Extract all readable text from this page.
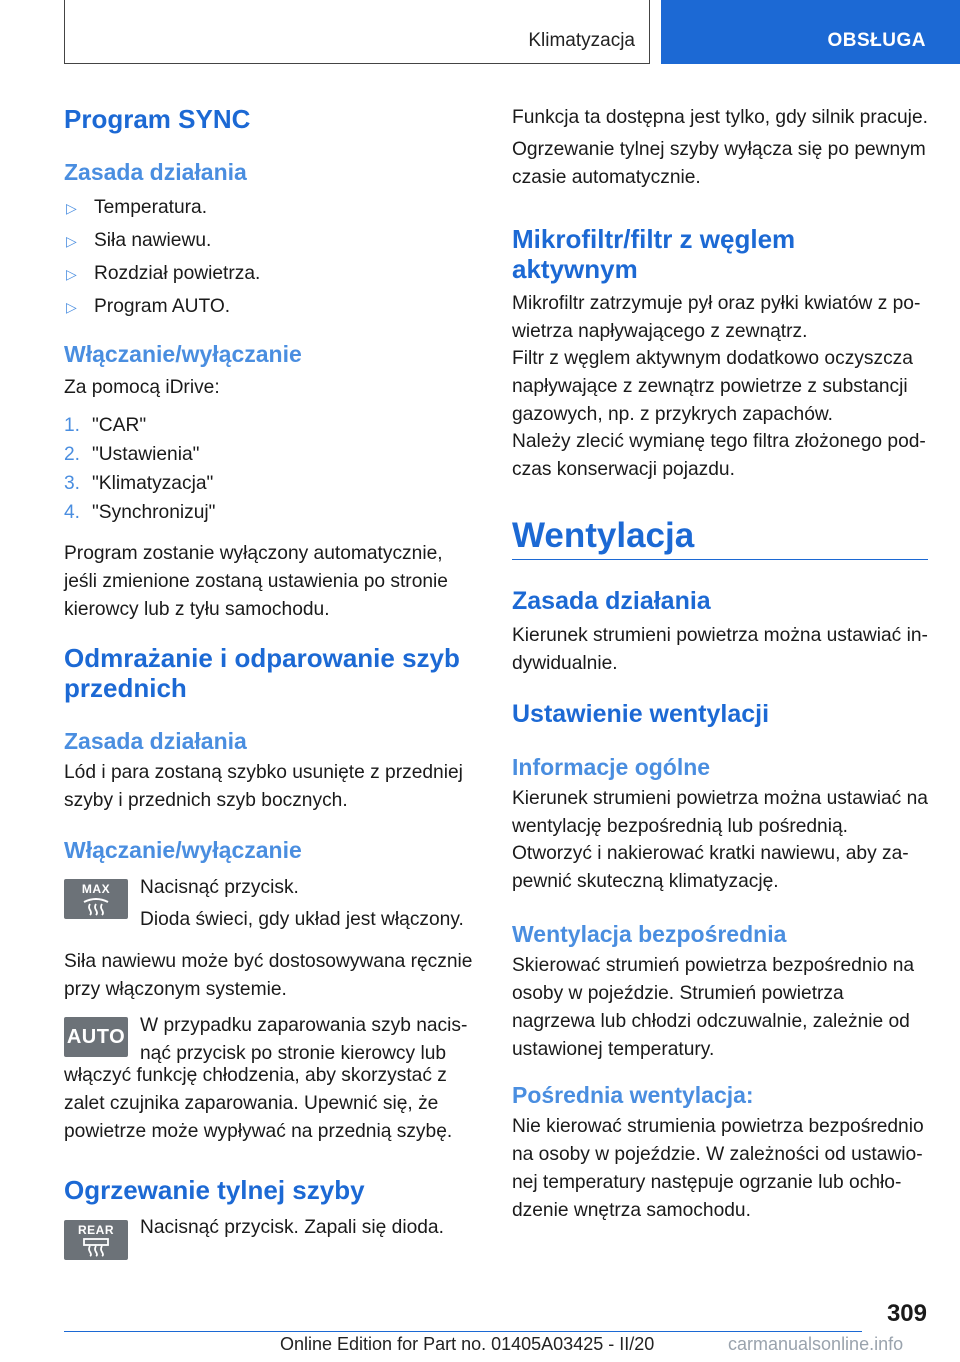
Klimatyzacja	OBSŁUGA
Program SYNC
Zasada działania
▷ Temperatura.
▷ Siła nawiewu.
▷ Rozdział powietrza.
▷ Program AUTO.
Włączanie/wyłączanie

Za pomocą iDrive:

1. "CAR"
2. "Ustawienia"
3. "Klimatyzacja"
4. "Synchronizuj"

Program zostanie wyłączony automatycznie, jeśli zmienione zostaną ustawienia po stronie kierowcy lub z tyłu samochodu.

Odmrażanie i odparowanie szyb przednich
Zasada działania

Lód i para zostaną szybko usunięte z przedniej szyby i przednich szyb bocznych.

Włączanie/wyłączanie
MAX	Nacisnąć przycisk.

Dioda świeci, gdy układ jest włączony.

Siła nawiewu może być dostosowywana ręcznie przy włączonym systemie.

AUTO

W przypadku zaparowania szyb nacisnąć przycisk po stronie kierowcy lub

włączyć funkcję chłodzenia, aby skorzystać z zalet czujnika zaparowania. Upewnić się, że powietrze może wypływać na przednią szybę.

Ogrzewanie tylnej szyby
REAR	Nacisnąć przycisk. Zapali się dioda.

Funkcja ta dostępna jest tylko, gdy silnik pracuje.

Ogrzewanie tylnej szyby wyłącza się po pewnym czasie automatycznie.

Mikrofiltr/filtr z węglem aktywnym

Mikrofiltr zatrzymuje pył oraz pyłki kwiatów z powietrza napływającego z zewnątrz.

Filtr z węglem aktywnym dodatkowo oczyszcza napływające z zewnątrz powietrze z substancji gazowych, np. z przykrych zapachów.

Należy zlecić wymianę tego filtra złożonego podczas konserwacji pojazdu.

Wentylacja
Zasada działania

Kierunek strumieni powietrza można ustawiać indywidualnie.

Ustawienie wentylacji
Informacje ogólne

Kierunek strumieni powietrza można ustawiać na wentylację bezpośrednią lub pośrednią.

Otworzyć i nakierować kratki nawiewu, aby zapewnić skuteczną klimatyzację.

Wentylacja bezpośrednia

Skierować strumień powietrza bezpośrednio na osoby w pojeździe. Strumień powietrza nagrzewa lub chłodzi odczuwalnie, zależnie od ustawionej temperatury.

Pośrednia wentylacja:

Nie kierować strumienia powietrza bezpośrednio na osoby w pojeździe. W zależności od ustawionej temperatury następuje ogrzanie lub ochłodzenie wnętrza samochodu.

309
Online Edition for Part no. 01405A03425 - II/20	carmanualsonline.info
